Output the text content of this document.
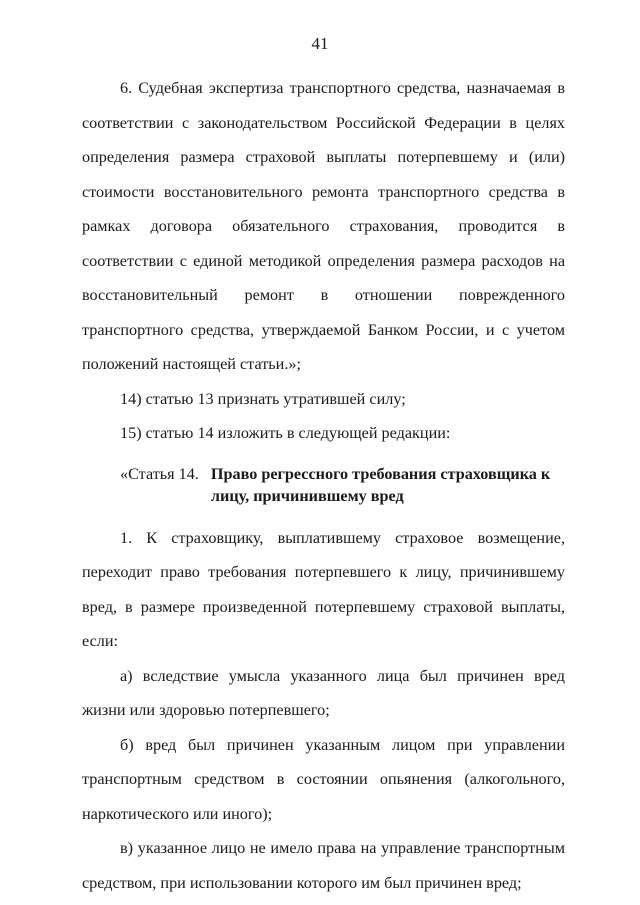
41

6. Судебная экспертиза транспортного средства, назначаемая в соответствии с законодательством Российской Федерации в целях определения размера страховой выплаты потерпевшему и (или) стоимости восстановительного ремонта транспортного средства в рамках договора обязательного страхования, проводится в соответствии с единой методикой определения размера расходов на восстановительный ремонт в отношении поврежденного транспортного средства, утверждаемой Банком России, и с учетом положений настоящей статьи.»;

14) статью 13 признать утратившей силу;

15) статью 14 изложить в следующей редакции:

«Статья 14. Право регрессного требования страховщика к лицу, причинившему вред

1. К страховщику, выплатившему страховое возмещение, переходит право требования потерпевшего к лицу, причинившему вред, в размере произведенной потерпевшему страховой выплаты, если:

а) вследствие умысла указанного лица был причинен вред жизни или здоровью потерпевшего;

б) вред был причинен указанным лицом при управлении транспортным средством в состоянии опьянения (алкогольного, наркотического или иного);

в) указанное лицо не имело права на управление транспортным средством, при использовании которого им был причинен вред;
